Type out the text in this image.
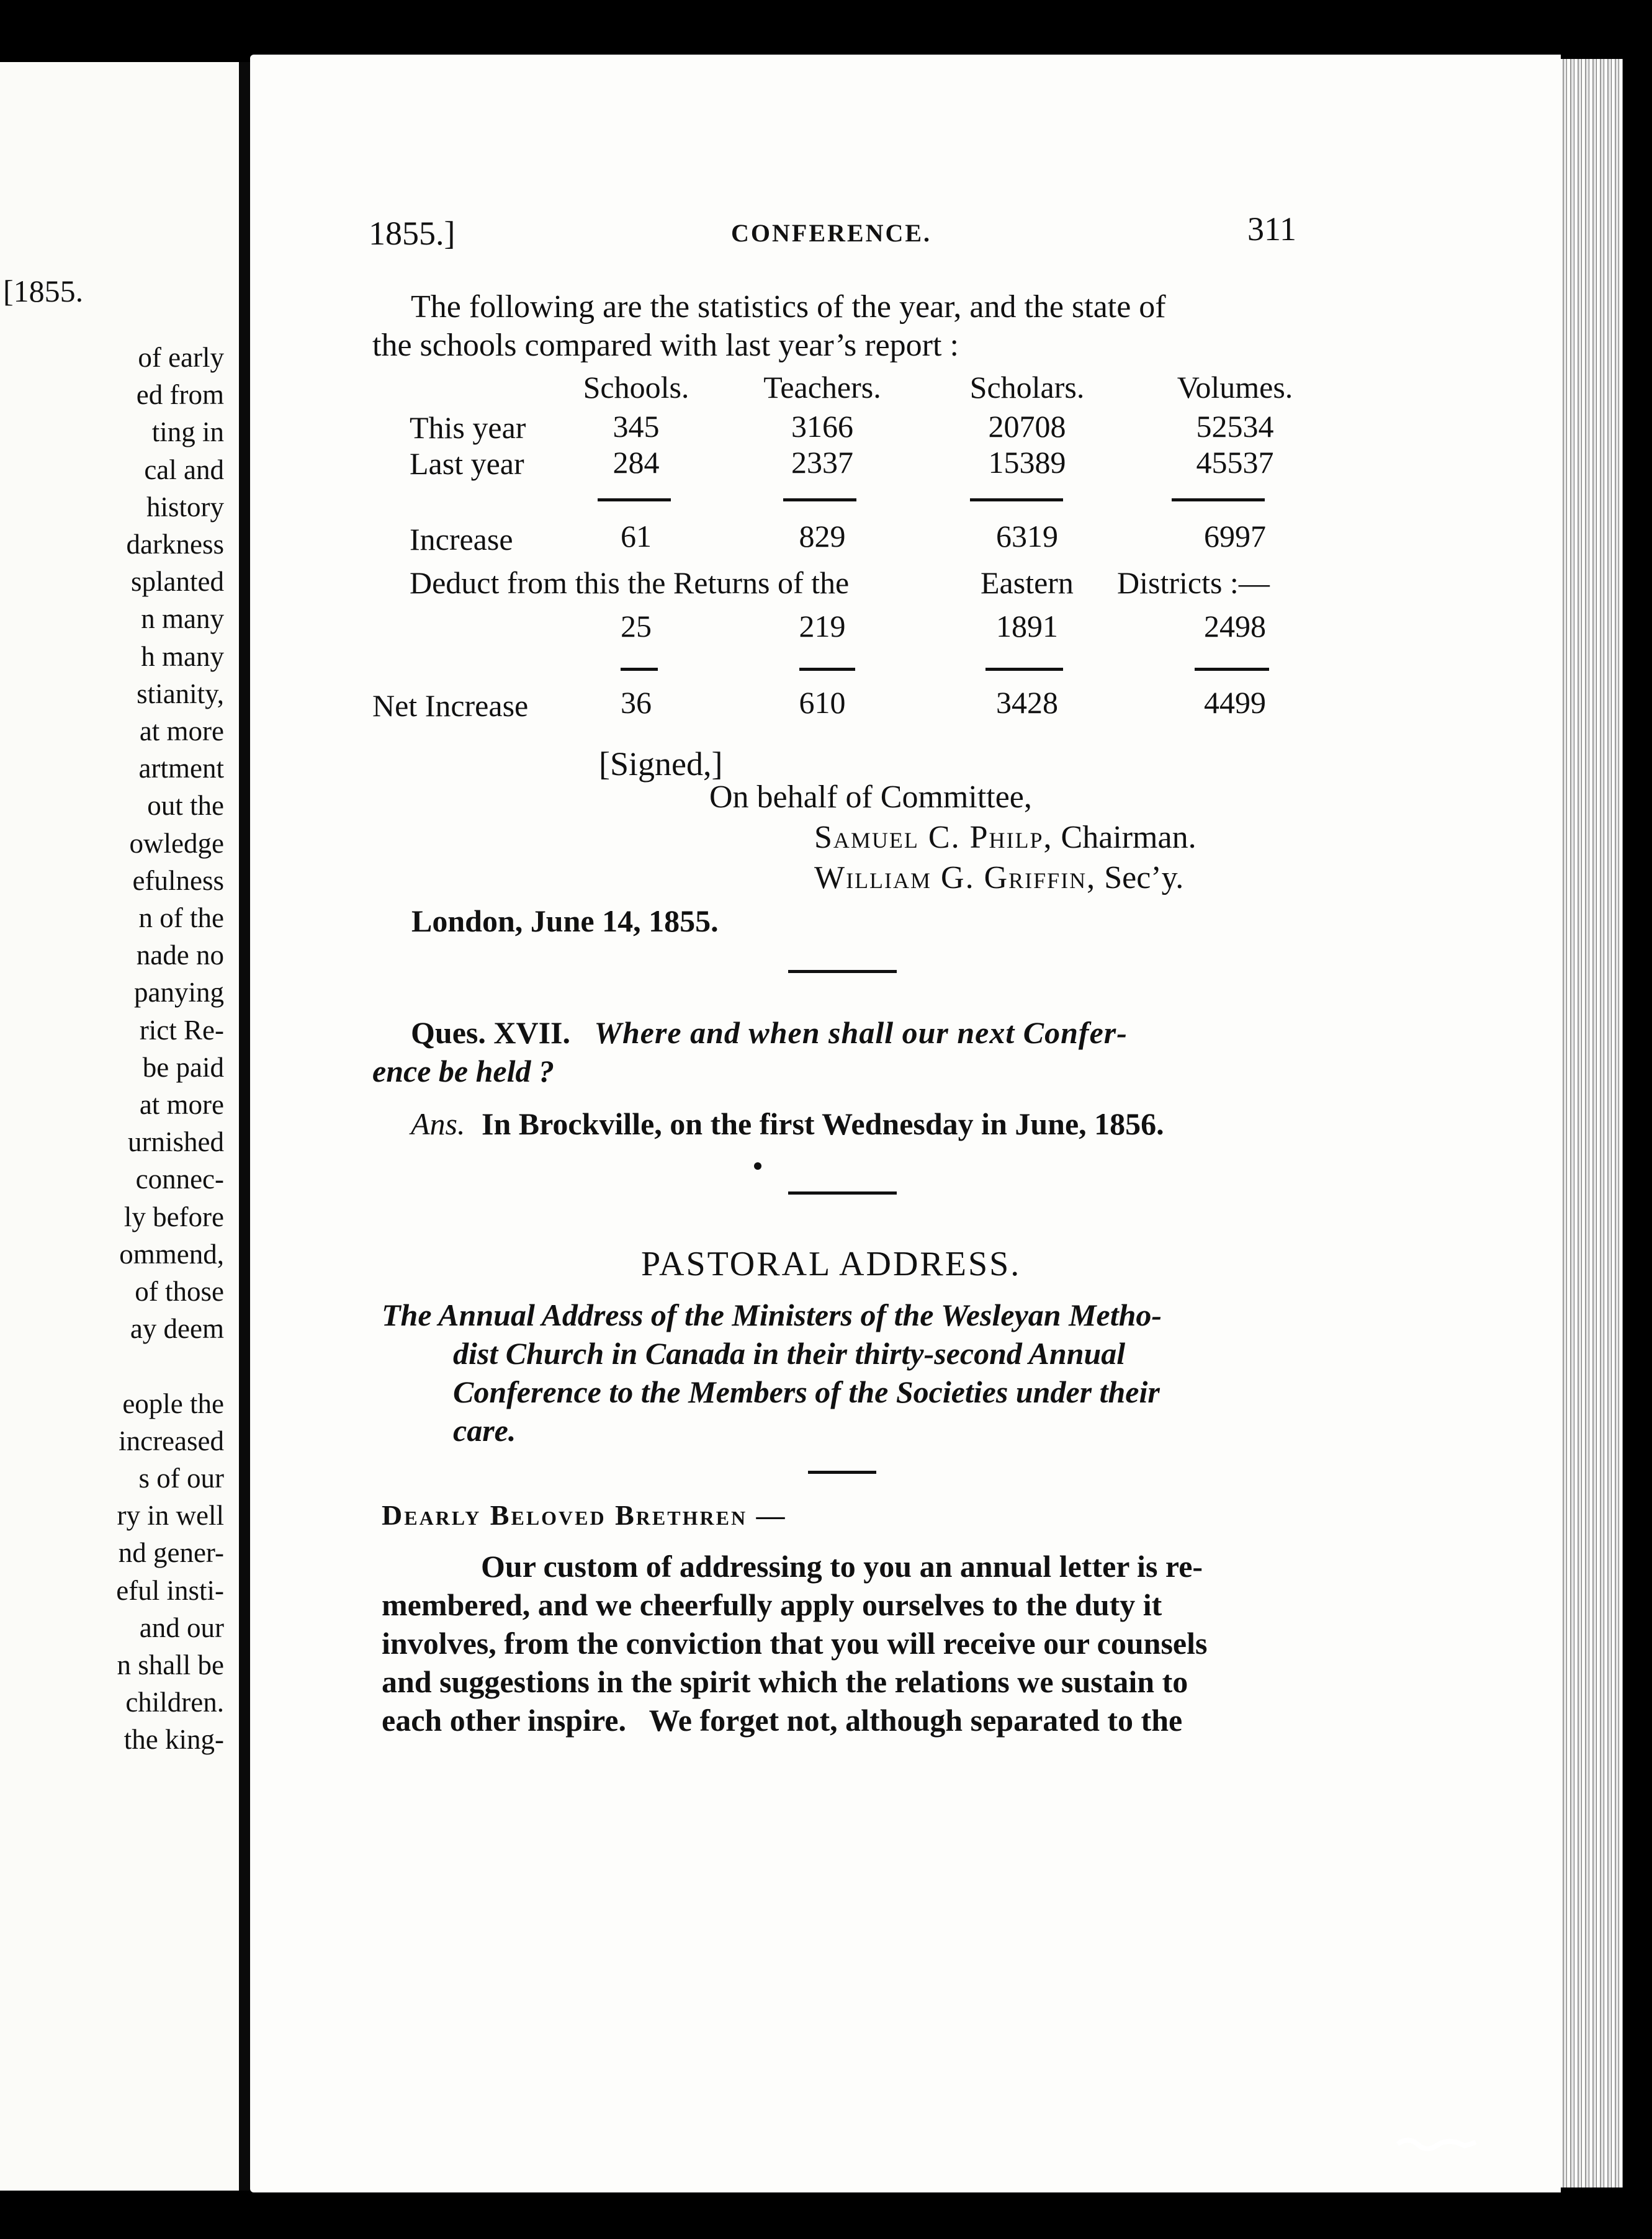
[1855.
of early
ed from
ting in
cal and
history
darkness
splanted
n many
h many
stianity,
at more
artment
out the
owledge
efulness
n of the
nade no
panying
rict Re-
be paid
at more
urnished
connec-
ly before
ommend,
of those
ay deem
eople the
increased
s of our
ry in well
nd gener-
eful insti-
and our
n shall be
children.
the king-
1855.]	CONFERENCE.	311
The following are the statistics of the year, and the state of
the schools compared with last year’s report :
Schools.	Teachers.	Scholars.	Volumes.
This year	345	3166	20708	52534
Last year	284	2337	15389	45537
Increase	61	829	6319	6997
Deduct from this the Returns of the	Eastern Districts :—
25	219	1891	2498
Net Increase	36	610	3428	4499
[Signed,]
On behalf of Committee,
Samuel C. Philp, Chairman.
William G. Griffin, Sec’y.
London, June 14, 1855.
Ques. XVII. Where and when shall our next Confer-
ence be held ?
Ans. In Brockville, on the first Wednesday in June, 1856.
PASTORAL ADDRESS.
The Annual Address of the Ministers of the Wesleyan Metho-
dist Church in Canada in their thirty-second Annual
Conference to the Members of the Societies under their
care.
Dearly Beloved Brethren —
Our custom of addressing to you an annual letter is re-
membered, and we cheerfully apply ourselves to the duty it
involves, from the conviction that you will receive our counsels
and suggestions in the spirit which the relations we sustain to
each other inspire.   We forget not, although separated to the
